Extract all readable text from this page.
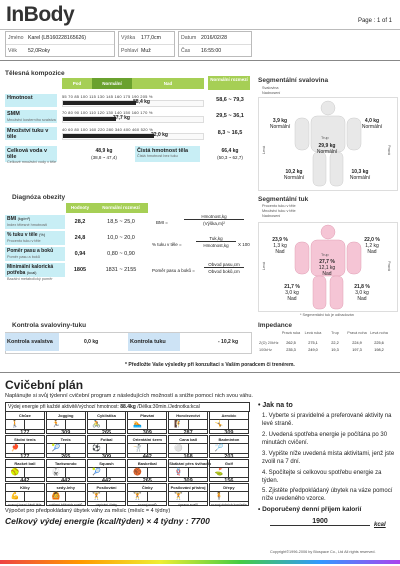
InBody	Page : 1 of 1
Jméno Karel (LB160228165626)
Věk 52,0Roky
Výška 177,0cm
Pohlaví Muž
Datum 2016/02/28
Čas 16:55:00
Tělesná kompozice
Pod	Normální	Nad
Normální rozmezí
Hmotnost	55 70 85 100 115 130 145 160 175 190 205 %
88,4 kg	58,6 ~ 79,3
SMM
Množství kosterního svalstva
70 80 90 100 110 120 130 140 150 160 170 %
37,7 kg	29,5 ~ 36,1
Množství tuku v těle
40 60 80 100 160 220 280 340 400 460 520 %
22,0 kg	8,3 ~ 16,5
Celková voda v těle
Celkové množství vody v těle
48,9 kg
(38,8 ~ 47,4)
Čistá hmotnost těla
Čistá hmotnost bez tuku
66,4 kg
(50,3 ~ 62,7)
Segmentální svalovina
Svalovina
Nadnosení
3,9 kg
Normální
4,0 kg
Normální
Trup
29,9 kg
Normální
10,2 kg
Normální
10,3 kg
Normální
Levá	Pravá
Segmentální tuk
Procento tuku v těle
Množství tuku v těle
Nadnosení
23,9 %
1,3 kg
Nad
22,0 %
1,2 kg
Nad
Trup
27,7 %
12,1 kg
Nad
21,7 %
3,0 kg
Nad
21,8 %
3,0 kg
Nad
Levá	Pravá
* Segmentální tuk je odhadován
Diagnóza obezity
Hodnoty	Normální rozmezí
BMI (kg/m²)
Index tělesné hmotnosti	28,2	18,5 ~ 25,0
% tuku v těle (%)
Procento tuku v těle	24,8	10,0 ~ 20,0
Poměr pasu a boků
Poměr pasu a boků	0,94	0,80 ~ 0,90
Minimální kalorická potřeba (kcal)
Bazální metabolický poměr
1805	1831 ~ 2155
BMI =
Hmotnost,kg
(Výška,m)²
% tuku v těle =
Tuk,kg
Hmotnost,kg	X 100
Poměr pasu a boků =
Obvod pasu,cm
Obvod boků,cm
Kontrola svaloviny-tuku
Kontrola svalstva	0,0 kg	Kontrola tuku	- 10,2 kg
Impedance
Pravá ruka	Levá ruka	Trup	Pravá noha Levá noha
Z(Ω) 20kHz	262,5	275,1	22,2	224,9	225,6
100kHz	235,3	249,0	19,3	197,3	198,2
* Předložte Vaše výsledky při konzultaci s Vaším poradcem či trenérem.
Cvičební plán
Naplánujte si svůj týdenní cvičební program z následujících možností a snižte pomocí nich svou váhu.
Výdej energie při každé aktivitě/výchozí hmotnost: 88.4kg /Délka:30min./Jednotka:kcal
Chůze
🚶
177
Jogging
🏃
309
Cyklistika
🚴
265
Plavání
🏊
309
Horolezectví
🧗
287
Aerobic
🤸
309
Stolní tenis
🏓
177
Tenis
🎾
265
Fotbal
⚽
309
Orientální šerm
🤺
442
Cana ball
⚪
168
Badminton
🏸
203
Racket ball
🥎
442
Taekwondo
🥋
442
Squash
🎾
442
Basketbal
🏀
265
Skákání přes švihadlo
🪢
309
Golf
⛳
156
Kliky
💪
rozvoj horní části těla
sedy-lehy
🙆
cvičení břišních svalů
Posilování
🏋
vzpírání činky
Činky
🏋
rozvoj svalů
Posilování přístroj
🏋
úprava svalů
Dřepy
🧍
rozvoj dolních končetin
Výpočet pro předpokládaný úbytek váhy za měsíc (měsíc = 4 týdny)
Celkový výdej energie (kcal/týden) × 4 týdny : 7700
• Jak na to
1. Vyberte si pravidelné a preferované aktivity na levé straně.
2. Uvedená spotřeba energie je počítána po 30 minutách cvičení.
3. Vypište níže uvedená místa aktivitami, jenž jste zvolil na 7 dní.
4. Spočítejte si celkovou spotřebu energie za týden.
5. Zjistěte předpokládaný úbytek na váze pomocí níže uvedeného vzorce.
• Doporučený denní příjem kalorií
1900	kcal
Copyright©1996-2006 by Biospace Co., Ltd All rights reserved.
